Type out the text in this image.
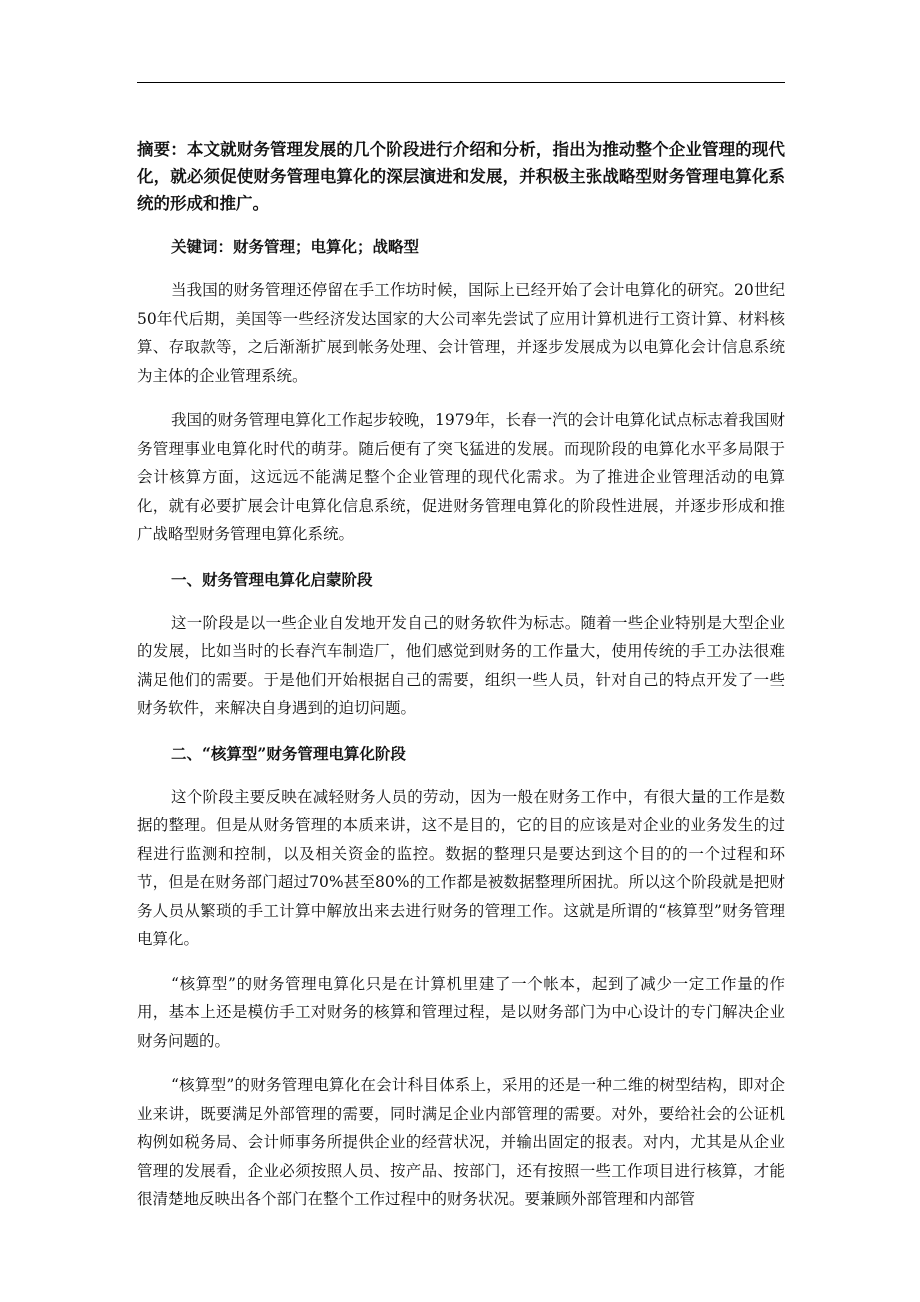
摘要：本文就财务管理发展的几个阶段进行介绍和分析，指出为推动整个企业管理的现代化，就必须促使财务管理电算化的深层演进和发展，并积极主张战略型财务管理电算化系统的形成和推广。

关键词：财务管理；电算化；战略型

当我国的财务管理还停留在手工作坊时候，国际上已经开始了会计电算化的研究。20世纪50年代后期，美国等一些经济发达国家的大公司率先尝试了应用计算机进行工资计算、材料核算、存取款等，之后渐渐扩展到帐务处理、会计管理，并逐步发展成为以电算化会计信息系统为主体的企业管理系统。

我国的财务管理电算化工作起步较晚，1979年，长春一汽的会计电算化试点标志着我国财务管理事业电算化时代的萌芽。随后便有了突飞猛进的发展。而现阶段的电算化水平多局限于会计核算方面，这远远不能满足整个企业管理的现代化需求。为了推进企业管理活动的电算化，就有必要扩展会计电算化信息系统，促进财务管理电算化的阶段性进展，并逐步形成和推广战略型财务管理电算化系统。

一、财务管理电算化启蒙阶段

这一阶段是以一些企业自发地开发自己的财务软件为标志。随着一些企业特别是大型企业的发展，比如当时的长春汽车制造厂，他们感觉到财务的工作量大，使用传统的手工办法很难满足他们的需要。于是他们开始根据自己的需要，组织一些人员，针对自己的特点开发了一些财务软件，来解决自身遇到的迫切问题。

二、“核算型”财务管理电算化阶段

这个阶段主要反映在减轻财务人员的劳动，因为一般在财务工作中，有很大量的工作是数据的整理。但是从财务管理的本质来讲，这不是目的，它的目的应该是对企业的业务发生的过程进行监测和控制，以及相关资金的监控。数据的整理只是要达到这个目的的一个过程和环节，但是在财务部门超过70%甚至80%的工作都是被数据整理所困扰。所以这个阶段就是把财务人员从繁琐的手工计算中解放出来去进行财务的管理工作。这就是所谓的“核算型”财务管理电算化。

“核算型”的财务管理电算化只是在计算机里建了一个帐本，起到了减少一定工作量的作用，基本上还是模仿手工对财务的核算和管理过程，是以财务部门为中心设计的专门解决企业财务问题的。

“核算型”的财务管理电算化在会计科目体系上，采用的还是一种二维的树型结构，即对企业来讲，既要满足外部管理的需要，同时满足企业内部管理的需要。对外，要给社会的公证机构例如税务局、会计师事务所提供企业的经营状况，并输出固定的报表。对内，尤其是从企业管理的发展看，企业必须按照人员、按产品、按部门，还有按照一些工作项目进行核算，才能很清楚地反映出各个部门在整个工作过程中的财务状况。要兼顾外部管理和内部管
